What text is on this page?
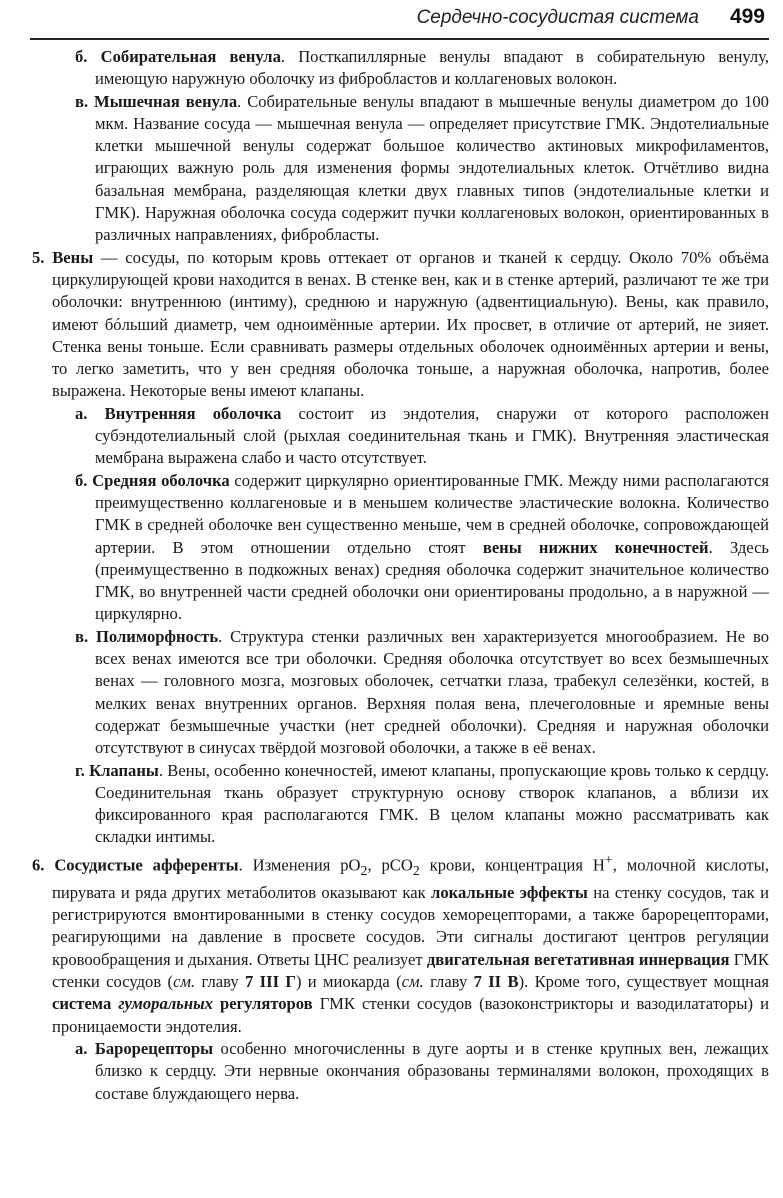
Сердечно-сосудистая система 499

б. Собирательная венула. Посткапиллярные венулы впадают в собирательную венулу, имеющую наружную оболочку из фибробластов и коллагеновых волокон.

в. Мышечная венула. Собирательные венулы впадают в мышечные венулы диаметром до 100 мкм. Название сосуда — мышечная венула — определяет присутствие ГМК. Эндотелиальные клетки мышечной венулы содержат большое количество актиновых микрофиламентов, играющих важную роль для изменения формы эндотелиальных клеток. Отчётливо видна базальная мембрана, разделяющая клетки двух главных типов (эндотелиальные клетки и ГМК). Наружная оболочка сосуда содержит пучки коллагеновых волокон, ориентированных в различных направлениях, фибробласты.

5. Вены — сосуды, по которым кровь оттекает от органов и тканей к сердцу. Около 70% объёма циркулирующей крови находится в венах. В стенке вен, как и в стенке артерий, различают те же три оболочки: внутреннюю (интиму), среднюю и наружную (адвентициальную). Вены, как правило, имеют бóльший диаметр, чем одноимённые артерии. Их просвет, в отличие от артерий, не зияет. Стенка вены тоньше. Если сравнивать размеры отдельных оболочек одноимённых артерии и вены, то легко заметить, что у вен средняя оболочка тоньше, а наружная оболочка, напротив, более выражена. Некоторые вены имеют клапаны.

а. Внутренняя оболочка состоит из эндотелия, снаружи от которого расположен субэндотелиальный слой (рыхлая соединительная ткань и ГМК). Внутренняя эластическая мембрана выражена слабо и часто отсутствует.

б. Средняя оболочка содержит циркулярно ориентированные ГМК. Между ними располагаются преимущественно коллагеновые и в меньшем количестве эластические волокна. Количество ГМК в средней оболочке вен существенно меньше, чем в средней оболочке, сопровождающей артерии. В этом отношении отдельно стоят вены нижних конечностей. Здесь (преимущественно в подкожных венах) средняя оболочка содержит значительное количество ГМК, во внутренней части средней оболочки они ориентированы продольно, а в наружной — циркулярно.

в. Полиморфность. Структура стенки различных вен характеризуется многообразием. Не во всех венах имеются все три оболочки. Средняя оболочка отсутствует во всех безмышечных венах — головного мозга, мозговых оболочек, сетчатки глаза, трабекул селезёнки, костей, в мелких венах внутренних органов. Верхняя полая вена, плечеголовные и яремные вены содержат безмышечные участки (нет средней оболочки). Средняя и наружная оболочки отсутствуют в синусах твёрдой мозговой оболочки, а также в её венах.

г. Клапаны. Вены, особенно конечностей, имеют клапаны, пропускающие кровь только к сердцу. Соединительная ткань образует структурную основу створок клапанов, а вблизи их фиксированного края располагаются ГМК. В целом клапаны можно рассматривать как складки интимы.

6. Сосудистые афференты. Изменения $pO_2$, pCO$_2$ крови, концентрация H+, молочной кислоты, пирувата и ряда других метаболитов оказывают как локальные эффекты на стенку сосудов, так и регистрируются вмонтированными в стенку сосудов хеморецепторами, а также барорецепторами, реагирующими на давление в просвете сосудов. Эти сигналы достигают центров регуляции кровообращения и дыхания. Ответы ЦНС реализует двигательная вегетативная иннервация ГМК стенки сосудов (см. главу 7 III Г) и миокарда (см. главу 7 II В). Кроме того, существует мощная система гуморальных регуляторов ГМК стенки сосудов (вазоконстрикторы и вазодилататоры) и проницаемости эндотелия.

а. Барорецепторы особенно многочисленны в дуге аорты и в стенке крупных вен, лежащих близко к сердцу. Эти нервные окончания образованы терминалями волокон, проходящих в составе блуждающего нерва.
